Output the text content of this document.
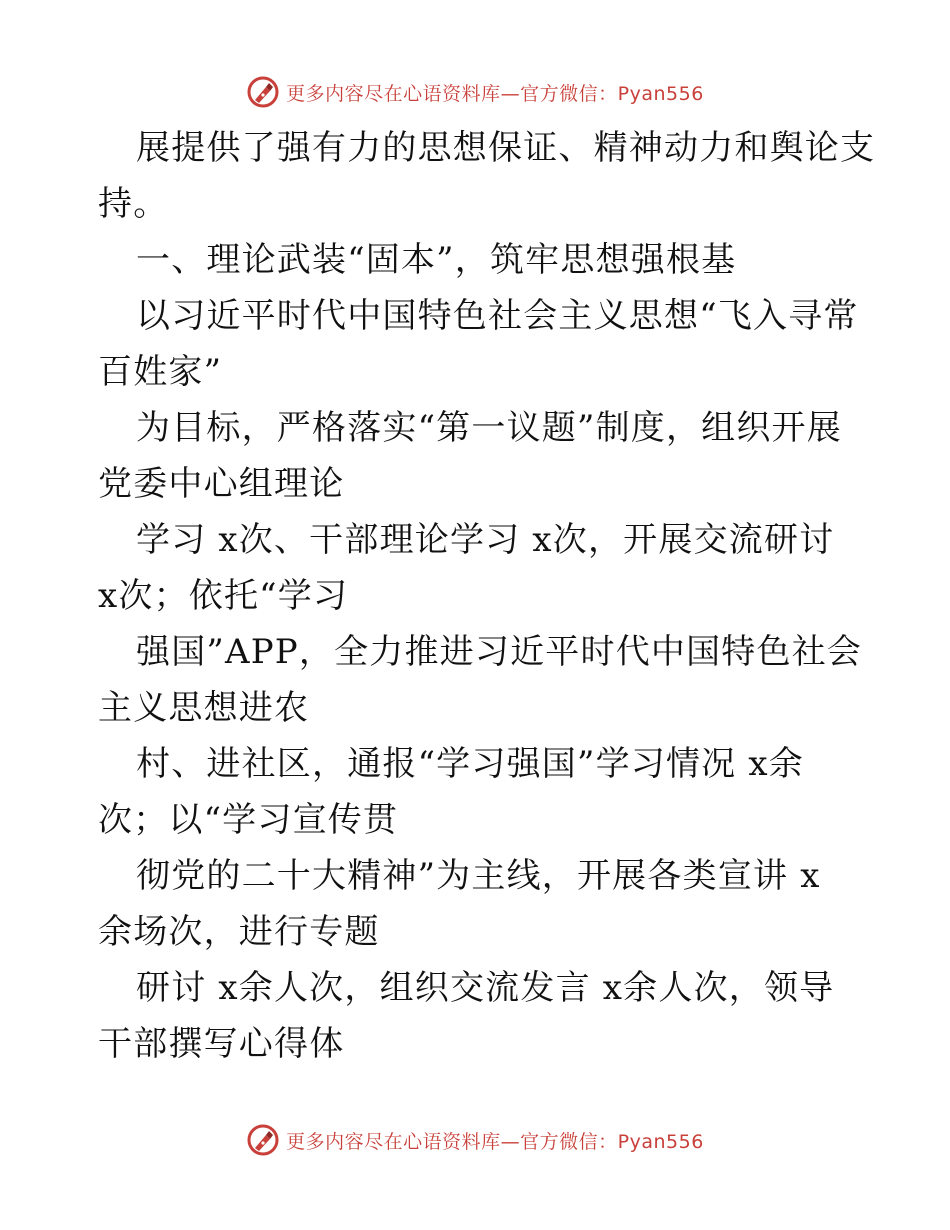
更多内容尽在心语资料库—官方微信：Pyan556
展提供了强有力的思想保证、精神动力和舆论支
持。
一、理论武装“固本”，筑牢思想强根基
以习近平时代中国特色社会主义思想“飞入寻常
百姓家”
为目标，严格落实“第一议题”制度，组织开展
党委中心组理论
学习 x次、干部理论学习 x次，开展交流研讨
x次；依托“学习
强国”APP，全力推进习近平时代中国特色社会
主义思想进农
村、进社区，通报“学习强国”学习情况 x余
次；以“学习宣传贯
彻党的二十大精神”为主线，开展各类宣讲 x
余场次，进行专题
研讨 x余人次，组织交流发言 x余人次，领导
干部撰写心得体
更多内容尽在心语资料库—官方微信：Pyan556
